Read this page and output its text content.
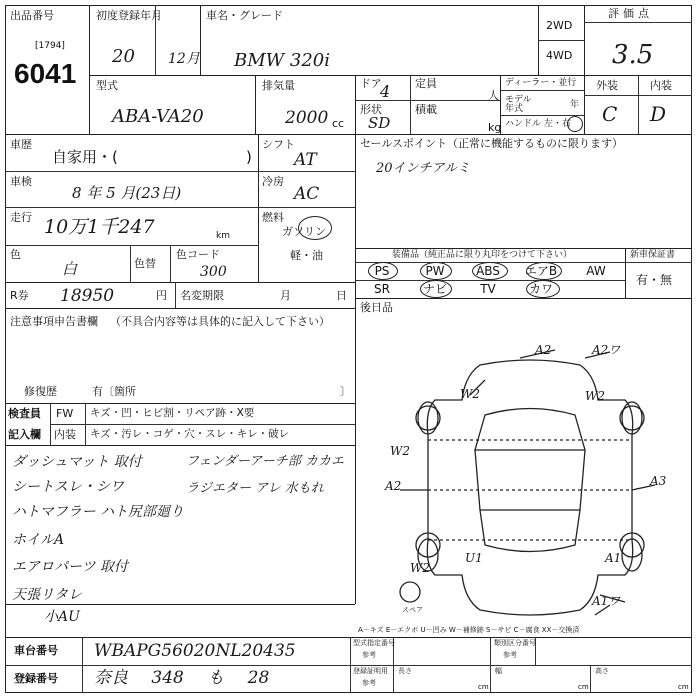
出品番号
[1794]
6041
初度登録年月
20 12月
車名・グレード
BMW 320i
2WD
4WD
評価点
3.5
型式
ABA-VA20
排気量
2000 cc
ドア
4 定員
人
形状
SD
積載
kg
ディーラー・並行
モデル年式	年
ハンドル 左・右
外装	内装
C D
車歴
自家用・(	)
シフト
AT
車検
8 年 5 月(23日)
冷房
AC
走行 10万1千247	km
燃料
ガソリン
軽・油
色
白	色替
色コード
300
R券 18950	円 名変期限	月	日
セールスポイント（正常に機能するものに限ります）
20インチアルミ
装備品（純正品に限り丸印をつけて下さい）	新車保証書
有・無
PS	PW	ABS	エアB	AW
SR	ナビ	TV	カワ
後日品
注意事項申告書欄 （不具合内容等は具体的に記入して下さい）
修復歴	有〔箇所	〕
検査員
記入欄
FW キズ・凹・ヒビ割・リペア跡・X要
内装 キズ・汚レ・コゲ・穴・スレ・キレ・破レ
ダッシュマット 取付
シートスレ・シワ
ハトマフラー ハト尻部廻り
ホイルA
エアロパーツ 取付
天張リタレ
小AU
フェンダーアーチ部 カカエ
ラジエター アレ 水もれ
A2	A2ワ
W2	W2
W2
A2	A3
W2
U1	A1
A1ワ
スペア
A－キズ E－エクボ U－凹み W－補修跡 S－サビ C－腐食 XX－交換済
車台番号 WBAPG56020NL20435
登録番号 奈良 348 も 28
型式指定番号
参考
類別区分番号
参考
登録証明用
参考
長さ	幅	高さ
cm	cm	cm
